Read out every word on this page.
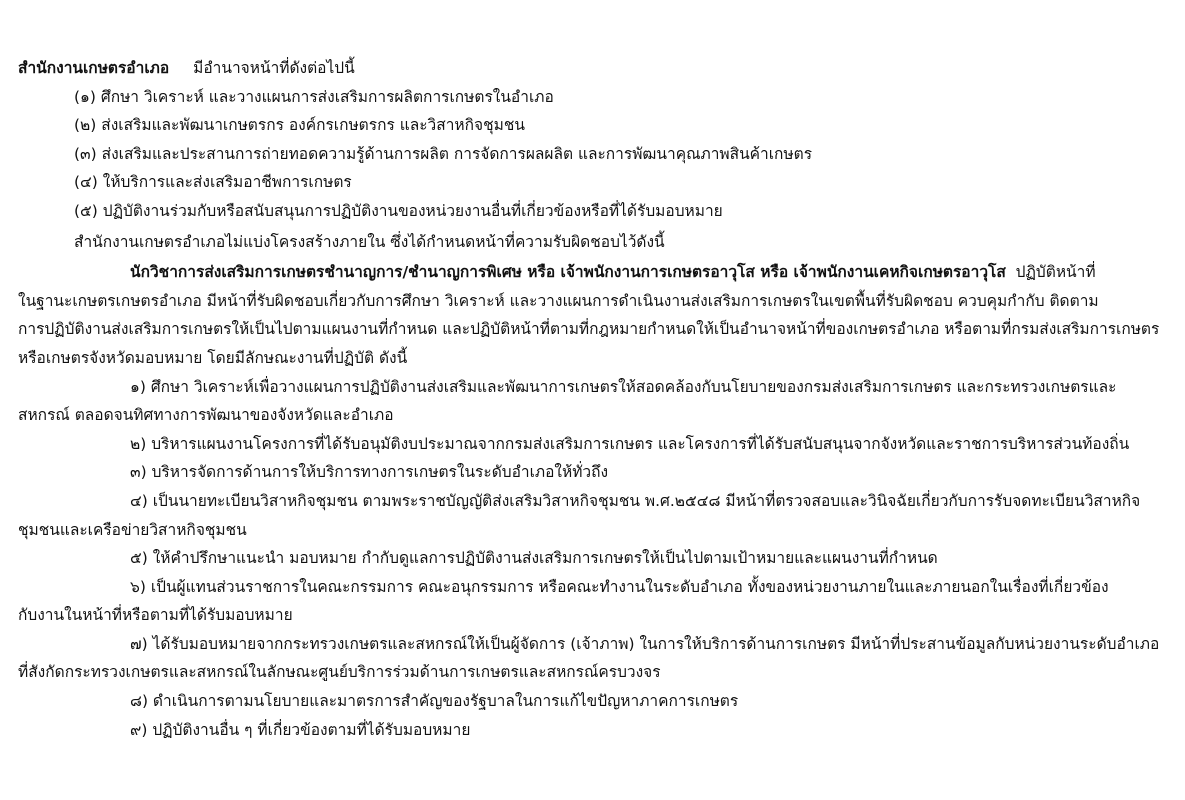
สำนักงานเกษตรอำเภอ มีอำนาจหน้าที่ดังต่อไปนี้
(๑) ศึกษา วิเคราะห์ และวางแผนการส่งเสริมการผลิตการเกษตรในอำเภอ
(๒) ส่งเสริมและพัฒนาเกษตรกร องค์กรเกษตรกร และวิสาหกิจชุมชน
(๓) ส่งเสริมและประสานการถ่ายทอดความรู้ด้านการผลิต การจัดการผลผลิต และการพัฒนาคุณภาพสินค้าเกษตร
(๔) ให้บริการและส่งเสริมอาชีพการเกษตร
(๕) ปฏิบัติงานร่วมกับหรือสนับสนุนการปฏิบัติงานของหน่วยงานอื่นที่เกี่ยวข้องหรือที่ได้รับมอบหมาย
สำนักงานเกษตรอำเภอไม่แบ่งโครงสร้างภายใน ซึ่งได้กำหนดหน้าที่ความรับผิดชอบไว้ดังนี้
นักวิชาการส่งเสริมการเกษตรชำนาญการ/ชำนาญการพิเศษ หรือ เจ้าพนักงานการเกษตรอาวุโส หรือ เจ้าพนักงานเคหกิจเกษตรอาวุโส ปฏิบัติหน้าที่
ในฐานะเกษตรเกษตรอำเภอ มีหน้าที่รับผิดชอบเกี่ยวกับการศึกษา วิเคราะห์ และวางแผนการดำเนินงานส่งเสริมการเกษตรในเขตพื้นที่รับผิดชอบ ควบคุมกำกับ ติดตาม
การปฏิบัติงานส่งเสริมการเกษตรให้เป็นไปตามแผนงานที่กำหนด และปฏิบัติหน้าที่ตามที่กฎหมายกำหนดให้เป็นอำนาจหน้าที่ของเกษตรอำเภอ หรือตามที่กรมส่งเสริมการเกษตร
หรือเกษตรจังหวัดมอบหมาย โดยมีลักษณะงานที่ปฏิบัติ ดังนี้
๑) ศึกษา วิเคราะห์เพื่อวางแผนการปฏิบัติงานส่งเสริมและพัฒนาการเกษตรให้สอดคล้องกับนโยบายของกรมส่งเสริมการเกษตร และกระทรวงเกษตรและ
สหกรณ์ ตลอดจนทิศทางการพัฒนาของจังหวัดและอำเภอ
๒) บริหารแผนงานโครงการที่ได้รับอนุมัติงบประมาณจากกรมส่งเสริมการเกษตร และโครงการที่ได้รับสนับสนุนจากจังหวัดและราชการบริหารส่วนท้องถิ่น
๓) บริหารจัดการด้านการให้บริการทางการเกษตรในระดับอำเภอให้ทั่วถึง
๔) เป็นนายทะเบียนวิสาหกิจชุมชน ตามพระราชบัญญัติส่งเสริมวิสาหกิจชุมชน พ.ศ.๒๕๔๘ มีหน้าที่ตรวจสอบและวินิจฉัยเกี่ยวกับการรับจดทะเบียนวิสาหกิจ
ชุมชนและเครือข่ายวิสาหกิจชุมชน
๕) ให้คำปรึกษาแนะนำ มอบหมาย กำกับดูแลการปฏิบัติงานส่งเสริมการเกษตรให้เป็นไปตามเป้าหมายและแผนงานที่กำหนด
๖) เป็นผู้แทนส่วนราชการในคณะกรรมการ คณะอนุกรรมการ หรือคณะทำงานในระดับอำเภอ ทั้งของหน่วยงานภายในและภายนอกในเรื่องที่เกี่ยวข้อง
กับงานในหน้าที่หรือตามที่ได้รับมอบหมาย
๗) ได้รับมอบหมายจากกระทรวงเกษตรและสหกรณ์ให้เป็นผู้จัดการ (เจ้าภาพ) ในการให้บริการด้านการเกษตร มีหน้าที่ประสานข้อมูลกับหน่วยงานระดับอำเภอ
ที่สังกัดกระทรวงเกษตรและสหกรณ์ในลักษณะศูนย์บริการร่วมด้านการเกษตรและสหกรณ์ครบวงจร
๘) ดำเนินการตามนโยบายและมาตรการสำคัญของรัฐบาลในการแก้ไขปัญหาภาคการเกษตร
๙) ปฏิบัติงานอื่น ๆ ที่เกี่ยวข้องตามที่ได้รับมอบหมาย
